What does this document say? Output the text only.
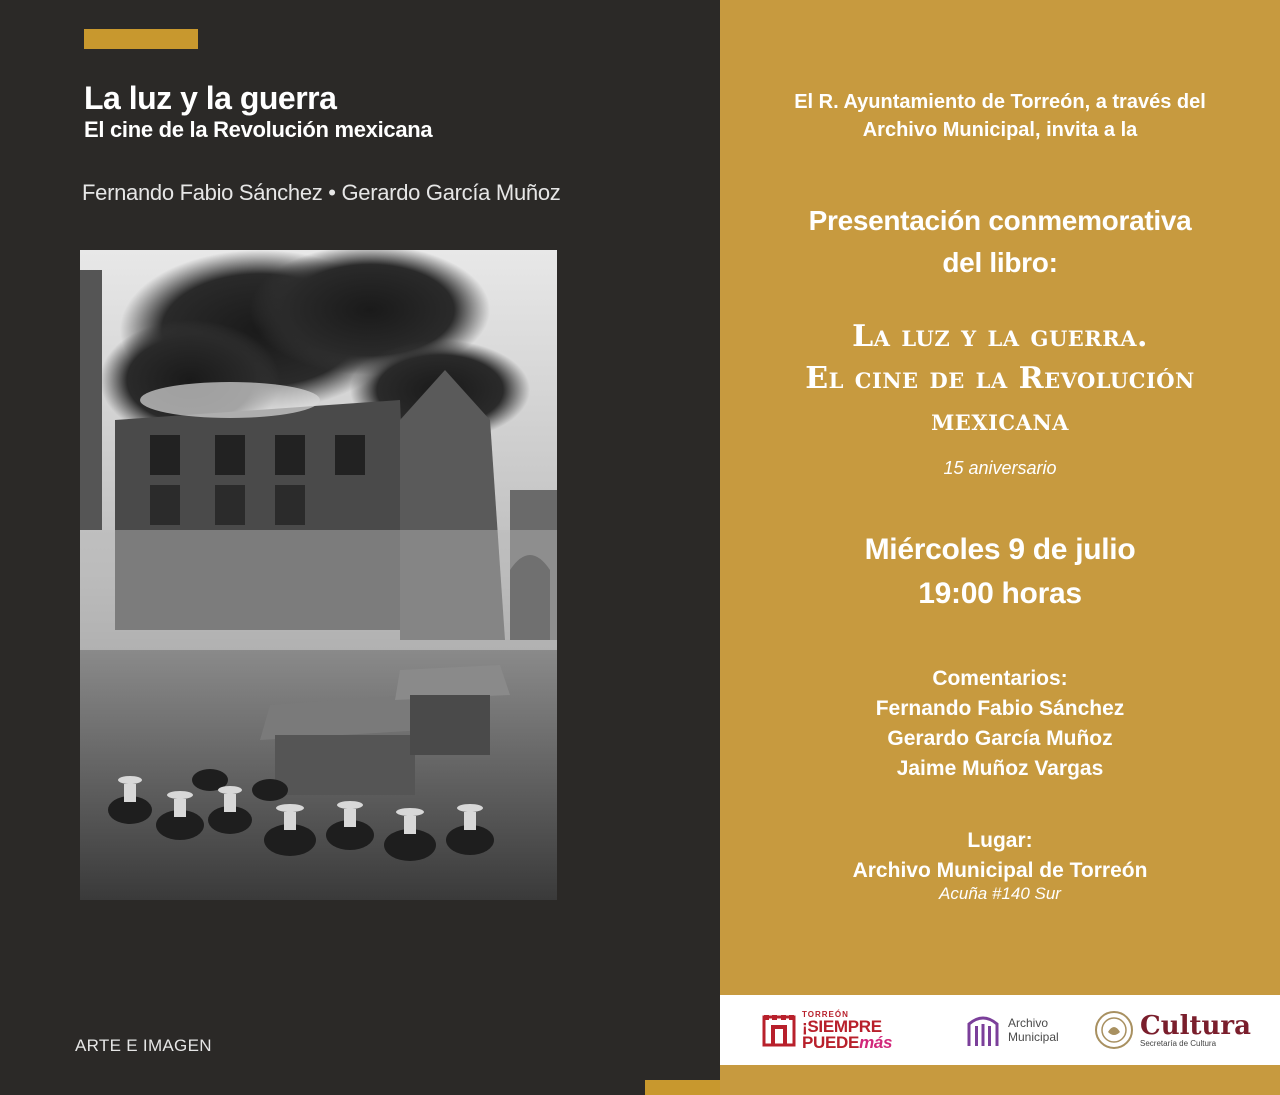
La luz y la guerra
El cine de la Revolución mexicana
Fernando Fabio Sánchez • Gerardo García Muñoz
ARTE E IMAGEN
El R. Ayuntamiento de Torreón, a través del
Archivo Municipal, invita a la
Presentación conmemorativa
del libro:
La luz y la guerra.
El cine de la Revolución
mexicana
15 aniversario
Miércoles 9 de julio
19:00 horas
Comentarios:
Fernando Fabio Sánchez
Gerardo García Muñoz
Jaime Muñoz Vargas
Lugar:
Archivo Municipal de Torreón
Acuña #140 Sur
TORREÓN
¡SIEMPRE
PUEDEmás
Archivo
Municipal	Cultura
Secretaría de Cultura
